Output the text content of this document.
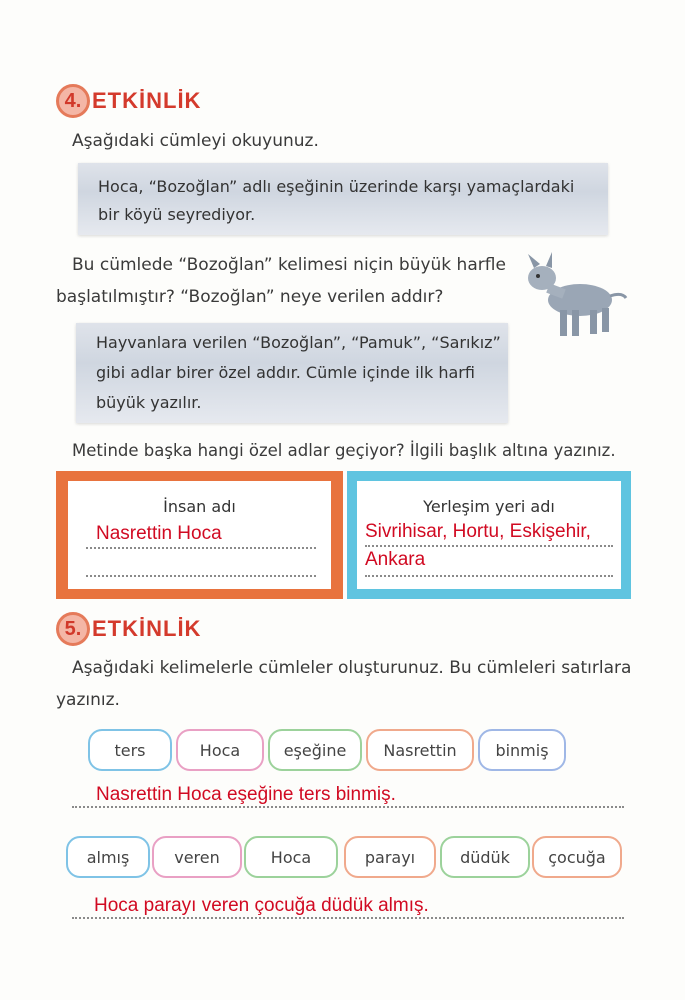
4. ETKİNLİK
Aşağıdaki cümleyi okuyunuz.
Hoca, “Bozoğlan” adlı eşeğinin üzerinde karşı yamaçlardaki
bir köyü seyrediyor.
Bu cümlede “Bozoğlan” kelimesi niçin büyük harfle
başlatılmıştır? “Bozoğlan” neye verilen addır?
Hayvanlara verilen “Bozoğlan”, “Pamuk”, “Sarıkız”
gibi adlar birer özel addır. Cümle içinde ilk harfi
büyük yazılır.
Metinde başka hangi özel adlar geçiyor? İlgili başlık altına yazınız.
İnsan adı
Nasrettin Hoca
Yerleşim yeri adı
Sivrihisar, Hortu, Eskişehir,
Ankara
5. ETKİNLİK
Aşağıdaki kelimelerle cümleler oluşturunuz. Bu cümleleri satırlara
yazınız.
ters	Hoca	eşeğine	Nasrettin	binmiş
Nasrettin Hoca eşeğine ters binmiş.
almış	veren	Hoca	parayı	düdük	çocuğa
Hoca parayı veren çocuğa düdük almış.
